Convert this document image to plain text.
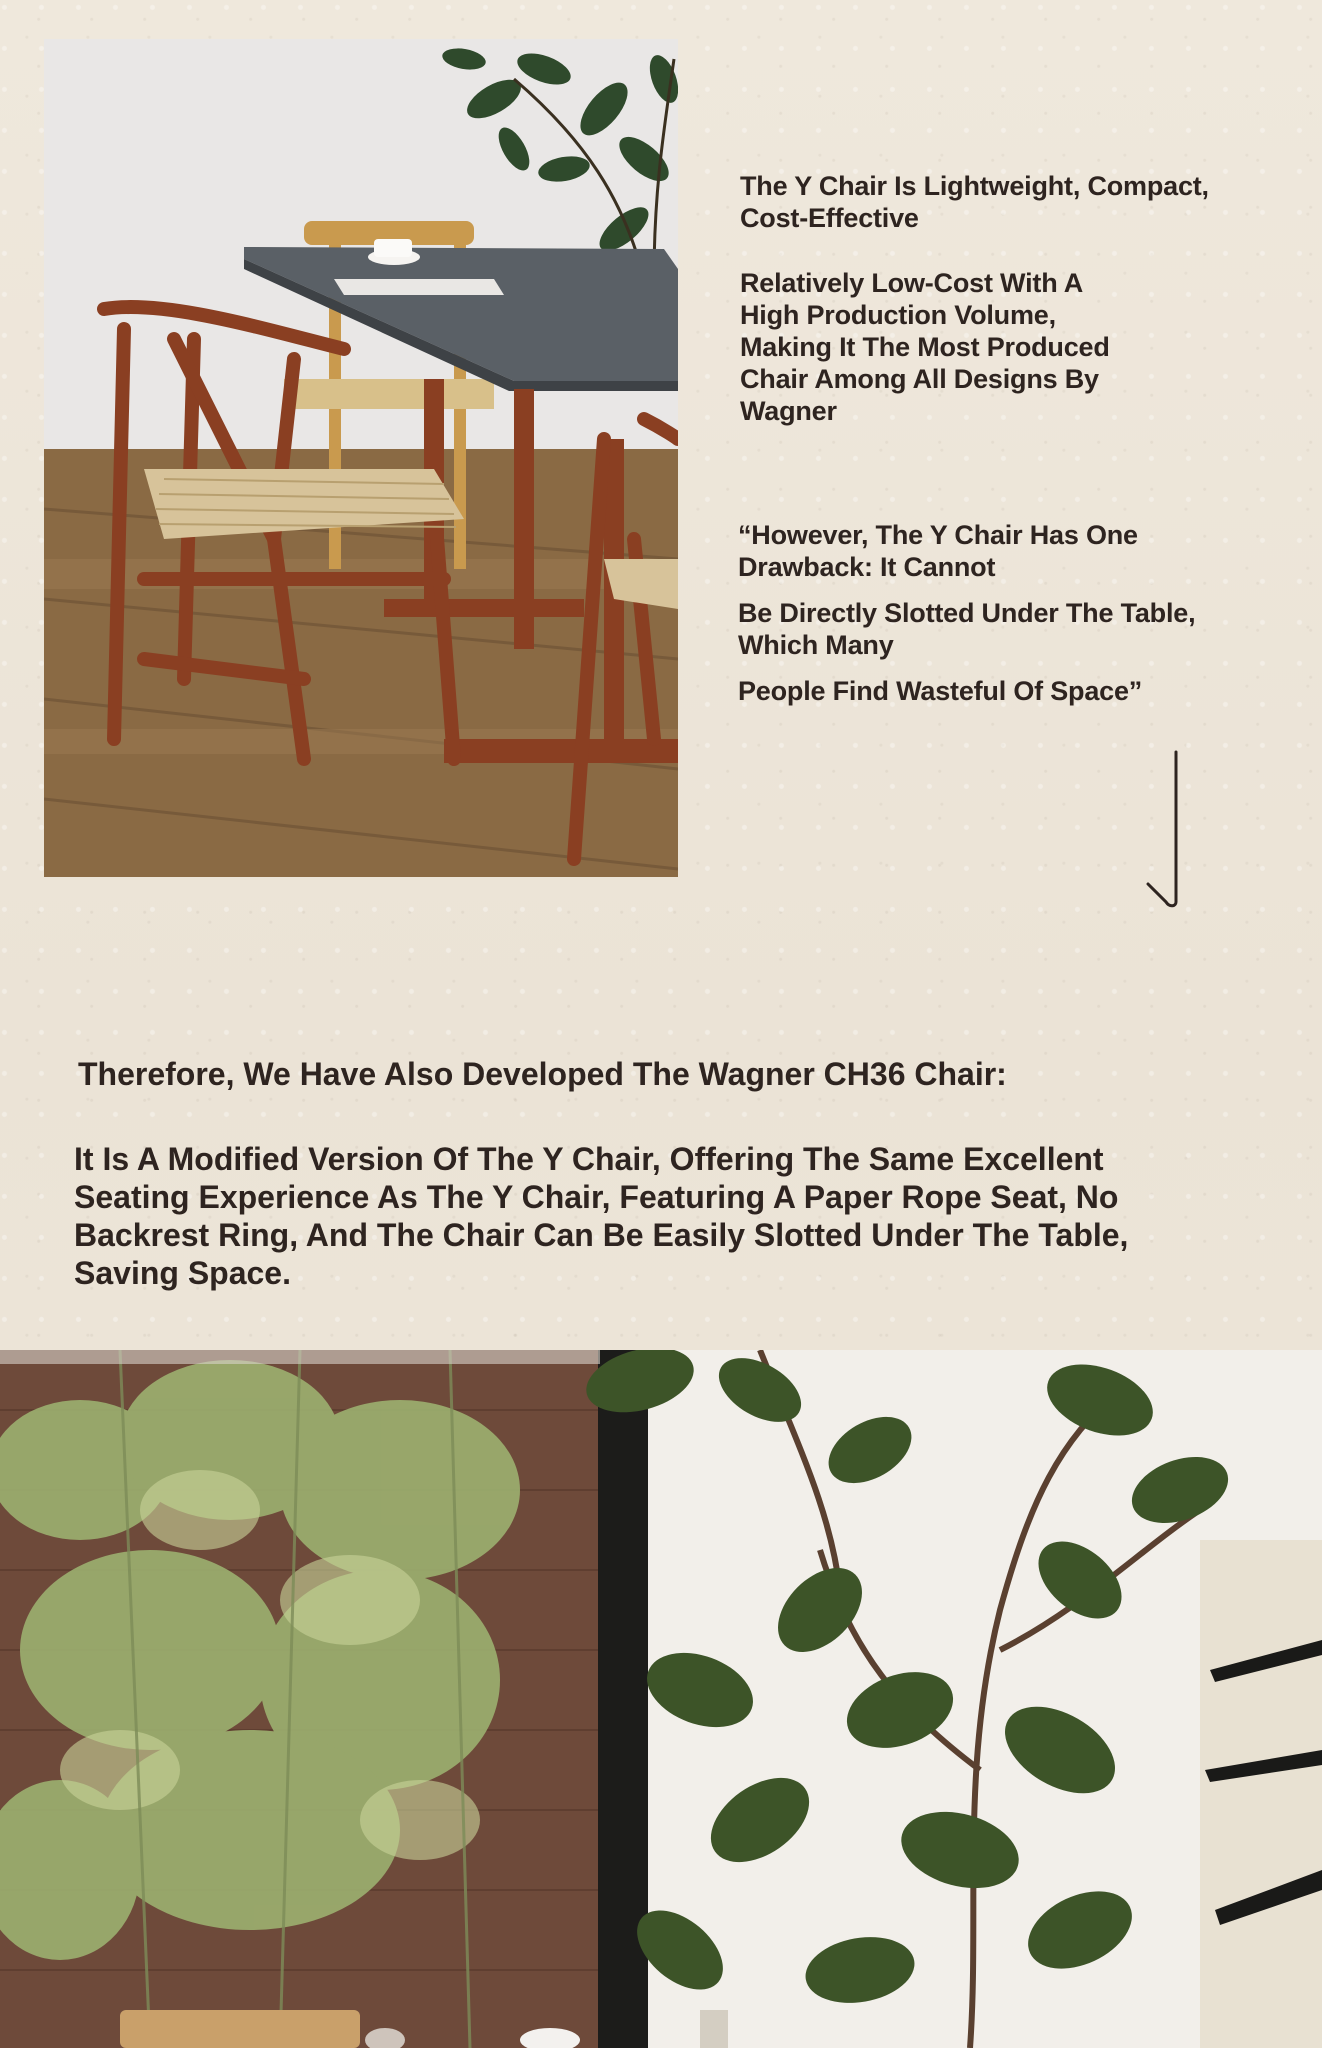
The Y Chair Is Lightweight, Compact, Cost-Effective
Relatively Low-Cost With A High Production Volume, Making It The Most Produced Chair Among All Designs By Wagner
“However, The Y Chair Has One Drawback: It Cannot
Be Directly Slotted Under The Table, Which Many
People Find Wasteful Of Space”
Therefore, We Have Also Developed The Wagner CH36 Chair:
It Is A Modified Version Of The Y Chair, Offering The Same Excellent Seating Experience As The Y Chair, Featuring A Paper Rope Seat, No Backrest Ring, And The Chair Can Be Easily Slotted Under The Table, Saving Space.
